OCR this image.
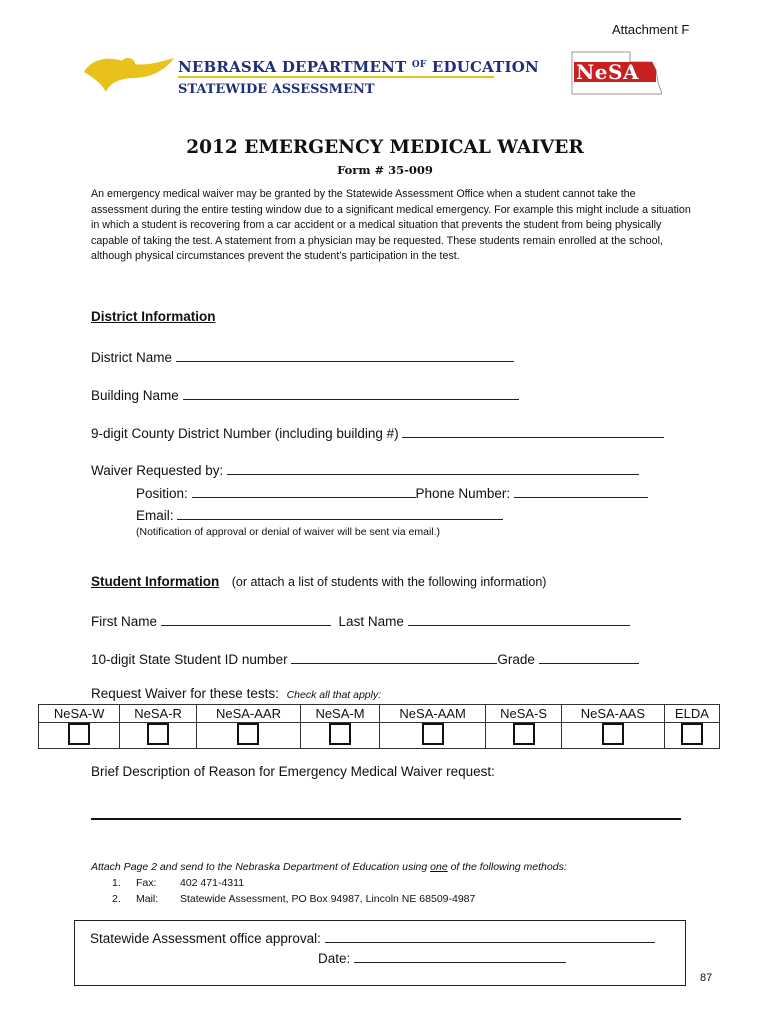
Attachment F
NEBRASKA DEPARTMENT $^{OF}$ EDUCATION
STATEWIDE ASSESSMENT
NeSA
2012 EMERGENCY MEDICAL WAIVER
Form # 35-009
An emergency medical waiver may be granted by the Statewide Assessment Office when a student cannot take the assessment during the entire testing window due to a significant medical emergency. For example this might include a situation in which a student is recovering from a car accident or a medical situation that prevents the student from being physically capable of taking the test. A statement from a physician may be requested. These students remain enrolled at the school, although physical circumstances prevent the student’s participation in the test.
District Information
District Name
Building Name
9-digit County District Number (including building #)
Waiver Requested by:
Position:	Phone Number:
Email:
(Notification of approval or denial of waiver will be sent via email.)
Student Information (or attach a list of students with the following information)
First Name	Last Name
10-digit State Student ID number	Grade
Request Waiver for these tests: Check all that apply:
NeSA-W	NeSA-R	NeSA-AAR	NeSA-M	NeSA-AAM	NeSA-S	NeSA-AAS	ELDA

Brief Description of Reason for Emergency Medical Waiver request:
Attach Page 2 and send to the Nebraska Department of Education using one of the following methods:
1. Fax: 402 471-4311
2. Mail: Statewide Assessment, PO Box 94987, Lincoln NE 68509-4987
Statewide Assessment office approval:
Date:
87
